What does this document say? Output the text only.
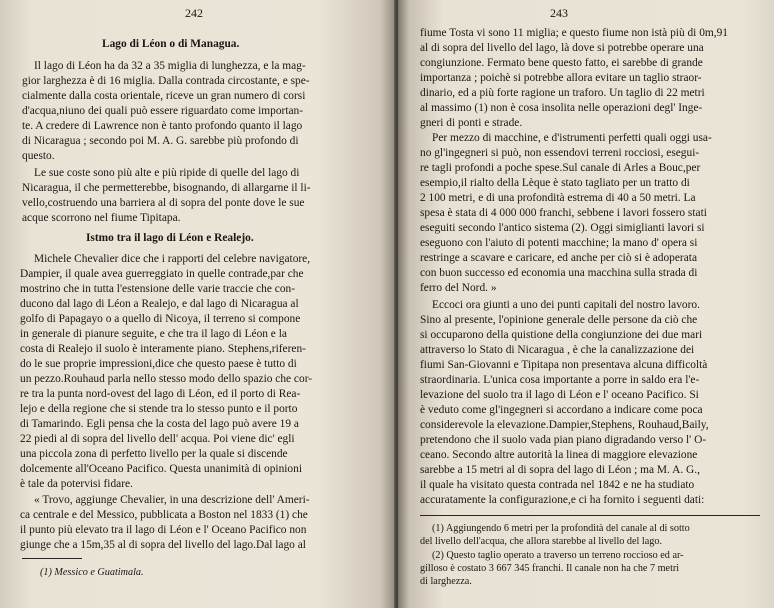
242
Lago di Léon o di Managua.
Il lago di Léon ha da 32 a 35 miglia di lunghezza, e la mag-
gior larghezza è di 16 miglia. Dalla contrada circostante, e spe-
cialmente dalla costa orientale, riceve un gran numero di corsi
d'acqua,niuno dei quali può essere riguardato come importan-
te. A credere di Lawrence non è tanto profondo quanto il lago
di Nicaragua ; secondo poi M. A. G. sarebbe più profondo di
questo.
Le sue coste sono più alte e più ripide di quelle del lago di
Nicaragua, il che permetterebbe, bisognando, di allargarne il li-
vello,costruendo una barriera al di sopra del ponte dove le sue
acque scorrono nel fiume Tipitapa.
Istmo tra il lago di Léon e Realejo.
Michele Chevalier dice che i rapporti del celebre navigatore,
Dampier, il quale avea guerreggiato in quelle contrade,par che
mostrino che in tutta l'estensione delle varie traccie che con-
ducono dal lago di Léon a Realejo, e dal lago di Nicaragua al
golfo di Papagayo o a quello di Nicoya, il terreno si compone
in generale di pianure seguite, e che tra il lago di Léon e la
costa di Realejo il suolo è interamente piano. Stephens,riferen-
do le sue proprie impressioni,dice che questo paese è tutto di
un pezzo.Rouhaud parla nello stesso modo dello spazio che cor-
re tra la punta nord-ovest del lago di Léon, ed il porto di Rea-
lejo e della regione che si stende tra lo stesso punto e il porto
di Tamarindo. Egli pensa che la costa del lago può avere 19 a
22 piedi al di sopra del livello dell' acqua. Poi viene dic' egli
una piccola zona di perfetto livello per la quale si discende
dolcemente all'Oceano Pacifico. Questa unanimità di opinioni
è tale da potervisi fidare.
« Trovo, aggiunge Chevalier, in una descrizione dell' Ameri-
ca centrale e del Messico, pubblicata a Boston nel 1833 (1) che
il punto più elevato tra il lago di Léon e l' Oceano Pacifico non
giunge che a 15m,35 al di sopra del livello del lago.Dal lago al
(1) Messico e Guatimala.
243
fiume Tosta vi sono 11 miglia; e questo fiume non istà più di 0m,91
al di sopra del livello del lago, là dove si potrebbe operare una
congiunzione. Fermato bene questo fatto, ei sarebbe di grande
importanza ; poichè si potrebbe allora evitare un taglio straor-
dinario, ed a più forte ragione un traforo. Un taglio di 22 metri
al massimo (1) non è cosa insolita nelle operazioni degl' Inge-
gneri di ponti e strade.
Per mezzo di macchine, e d'istrumenti perfetti quali oggi usa-
no gl'ingegneri si può, non essendovi terreni rocciosi, esegui-
re tagli profondi a poche spese.Sul canale di Arles a Bouc,per
esempio,il rialto della Lèque è stato tagliato per un tratto di
2 100 metri, e di una profondità estrema di 40 a 50 metri. La
spesa è stata di 4 000 000 franchi, sebbene i lavori fossero stati
eseguiti secondo l'antico sistema (2). Oggi simiglianti lavori si
eseguono con l'aiuto di potenti macchine; la mano d' opera si
restringe a scavare e caricare, ed anche per ciò si è adoperata
con buon successo ed economia una macchina sulla strada di
ferro del Nord. »
Eccoci ora giunti a uno dei punti capitali del nostro lavoro.
Sino al presente, l'opinione generale delle persone da ciò che
si occuparono della quistione della congiunzione dei due mari
attraverso lo Stato di Nicaragua , è che la canalizzazione dei
fiumi San-Giovanni e Tipitapa non presentava alcuna difficoltà
straordinaria. L'unica cosa importante a porre in saldo era l'e-
levazione del suolo tra il lago di Léon e l' oceano Pacifico. Si
è veduto come gl'ingegneri si accordano a indicare come poca
considerevole la elevazione.Dampier,Stephens, Rouhaud,Baily,
pretendono che il suolo vada pian piano digradando verso l' O-
ceano. Secondo altre autorità la linea di maggiore elevazione
sarebbe a 15 metri al di sopra del lago di Léon ; ma M. A. G.,
il quale ha visitato questa contrada nel 1842 e ne ha studiato
accuratamente la configurazione,e ci ha fornito i seguenti dati:
(1) Aggiungendo 6 metri per la profondità del canale al di sotto
del livello dell'acqua, che allora starebbe al livello del lago.
(2) Questo taglio operato a traverso un terreno roccioso ed ar-
gilloso è costato 3 667 345 franchi. Il canale non ha che 7 metri
di larghezza.
